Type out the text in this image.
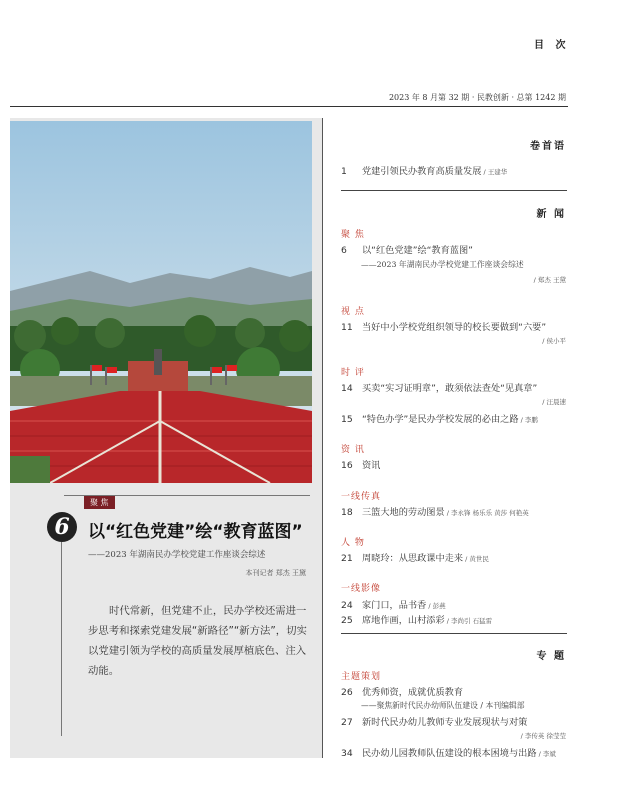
目 次
2023 年 8 月第 32 期 · 民教创新 · 总第 1242 期
聚 焦
6	以“红色党建”绘“教育蓝图”
——2023 年湖南民办学校党建工作座谈会综述
本刊记者 郑杰 王黛
时代常新，但党建不止，民办学校还需进一步思考和探索党建发展“新路径”“新方法”，切实以党建引领为学校的高质量发展厚植底色、注入动能。
卷首语
1 党建引领民办教育高质量发展 / 王建华
新 闻
聚 焦
6 以“红色党建”绘“教育蓝图”
——2023 年湖南民办学校党建工作座谈会综述
/ 郑杰 王黛
视 点
11 当好中小学校党组织领导的校长要做到“六要”
/ 侯小平
时 评
14 买卖“实习证明章”，敢须依法查处“见真章”
/ 汪晨速
15 “特色办学”是民办学校发展的必由之路 / 李鹏
资 讯
16 资讯
一线传真
18 三篮大地的劳动图景 / 李永锋 杨乐乐 黄莎 何艳英
人 物
21 周晓玲：从思政课中走来 / 黄世民
一线影像
24 家门口，品书香 / 彭燕
25 席地作画，山村添彩 / 李尚引 石猛雷
专 题
主题策划
26 优秀师资，成就优质教育
——聚焦新时代民办幼师队伍建设 / 本刊编辑部
27 新时代民办幼儿教师专业发展现状与对策
/ 李传英 徐莹莹
34 民办幼儿园教师队伍建设的根本困境与出路 / 李斌
